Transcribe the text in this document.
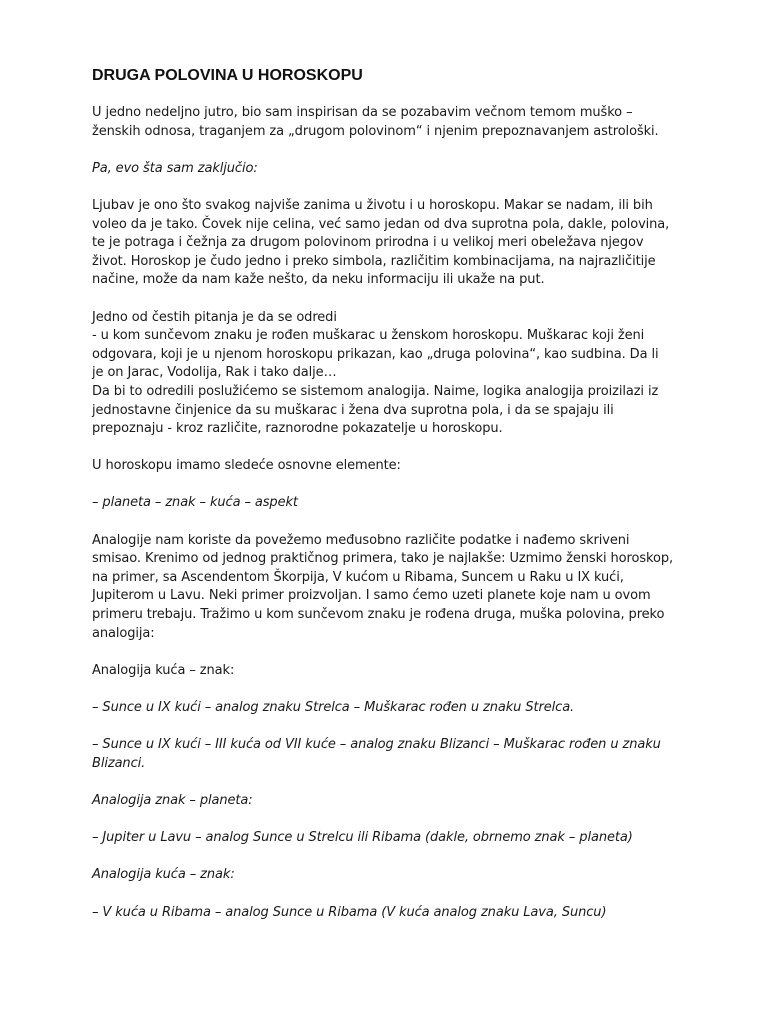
DRUGA POLOVINA U HOROSKOPU
U jedno nedeljno jutro, bio sam inspirisan da se pozabavim večnom temom muško –
ženskih odnosa, traganjem za „drugom polovinom“ i njenim prepoznavanjem astrološki.
Pa, evo šta sam zaključio:
Ljubav je ono što svakog najviše zanima u životu i u horoskopu. Makar se nadam, ili bih
voleo da je tako. Čovek nije celina, već samo jedan od dva suprotna pola, dakle, polovina,
te je potraga i čežnja za drugom polovinom prirodna i u velikoj meri obeležava njegov
život. Horoskop je čudo jedno i preko simbola, različitim kombinacijama, na najrazličitije
načine, može da nam kaže nešto, da neku informaciju ili ukaže na put.
Jedno od čestih pitanja je da se odredi
- u kom sunčevom znaku je rođen muškarac u ženskom horoskopu. Muškarac koji ženi
odgovara, koji je u njenom horoskopu prikazan, kao „druga polovina“, kao sudbina. Da li
je on Jarac, Vodolija, Rak i tako dalje…
Da bi to odredili poslužićemo se sistemom analogija. Naime, logika analogija proizilazi iz
jednostavne činjenice da su muškarac i žena dva suprotna pola, i da se spajaju ili
prepoznaju - kroz različite, raznorodne pokazatelje u horoskopu.
U horoskopu imamo sledeće osnovne elemente:
– planeta – znak – kuća – aspekt
Analogije nam koriste da povežemo međusobno različite podatke i nađemo skriveni
smisao. Krenimo od jednog praktičnog primera, tako je najlakše: Uzmimo ženski horoskop,
na primer, sa Ascendentom Škorpija, V kućom u Ribama, Suncem u Raku u IX kući,
Jupiterom u Lavu. Neki primer proizvoljan. I samo ćemo uzeti planete koje nam u ovom
primeru trebaju. Tražimo u kom sunčevom znaku je rođena druga, muška polovina, preko
analogija:
Analogija kuća – znak:
– Sunce u IX kući – analog znaku Strelca – Muškarac rođen u znaku Strelca.
– Sunce u IX kući – III kuća od VII kuće – analog znaku Blizanci – Muškarac rođen u znaku
Blizanci.
Analogija znak – planeta:
– Jupiter u Lavu – analog Sunce u Strelcu ili Ribama (dakle, obrnemo znak – planeta)
Analogija kuća – znak:
– V kuća u Ribama – analog Sunce u Ribama (V kuća analog znaku Lava, Suncu)
